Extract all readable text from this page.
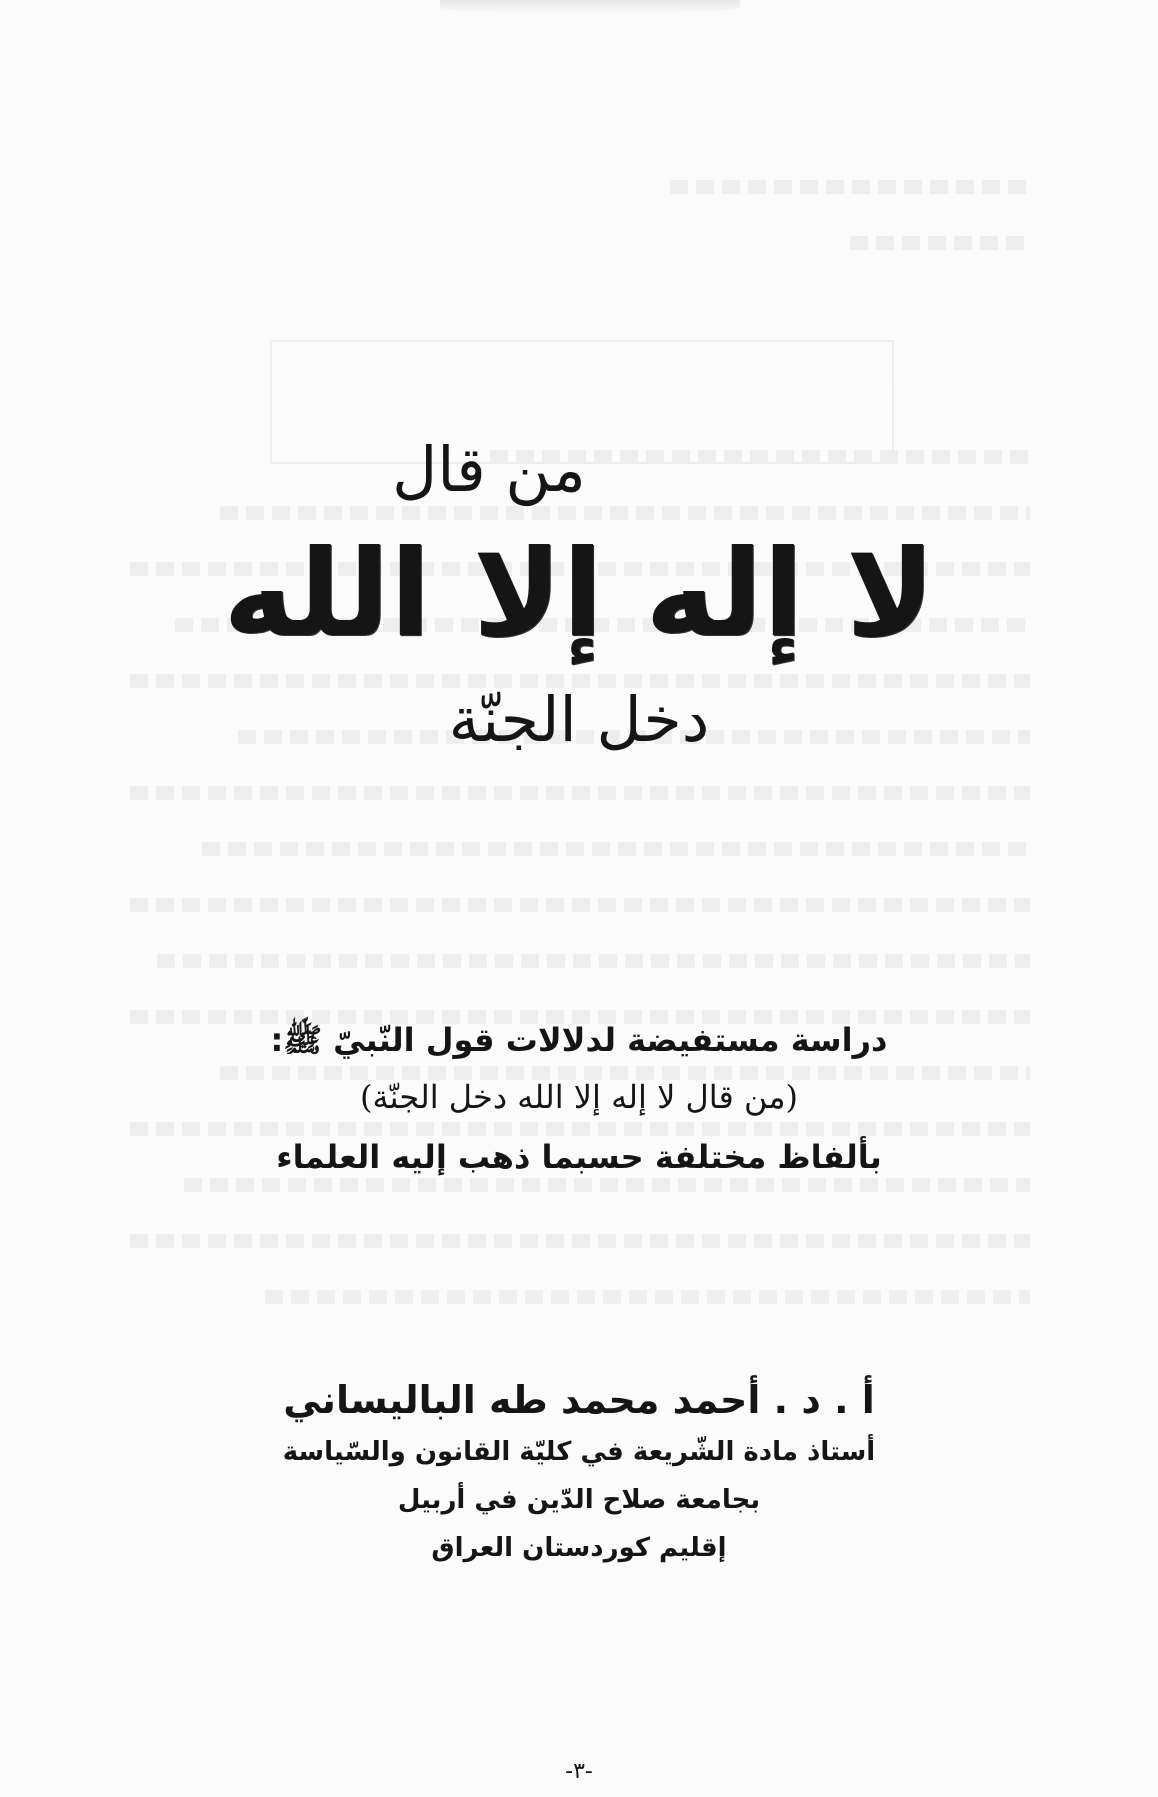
من قال
لا إله إلا الله
دخل الجنّة
دراسة مستفيضة لدلالات قول النّبيّ ﷺ:
(من قال لا إله إلا الله دخل الجنّة)
بألفاظ مختلفة حسبما ذهب إليه العلماء
أ . د . أحمد محمد طه الباليساني
أستاذ مادة الشّريعة في كليّة القانون والسّياسة
بجامعة صلاح الدّين في أربيل
إقليم كوردستان العراق
-٣-
